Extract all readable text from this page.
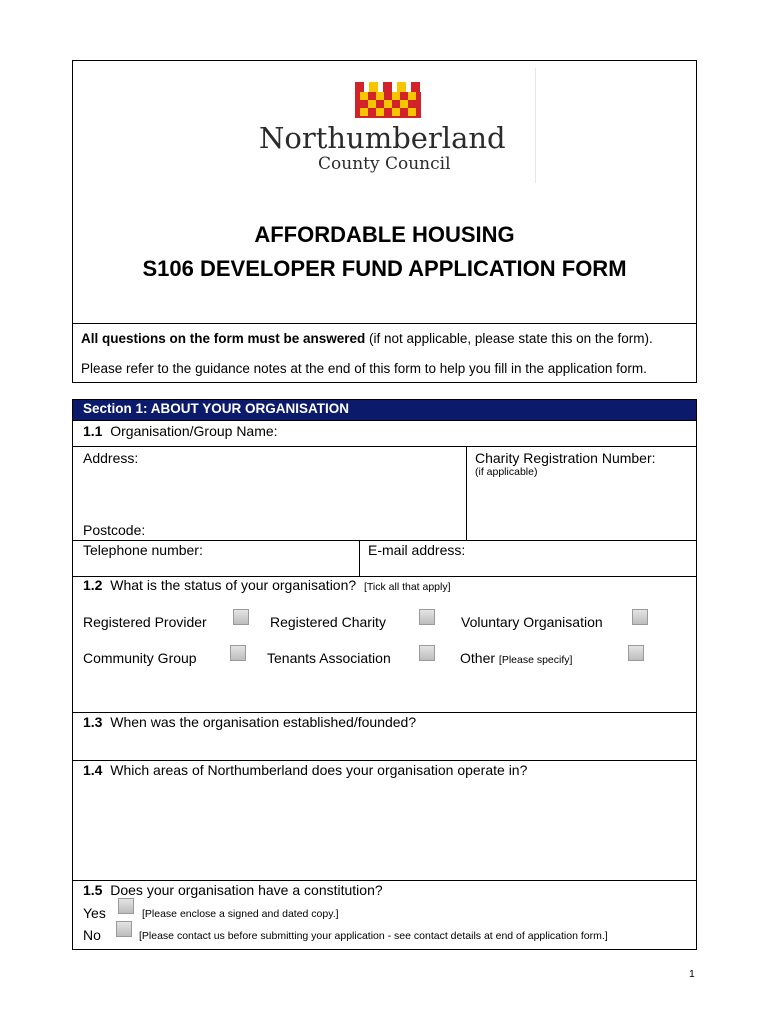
Northumberland
County Council
AFFORDABLE HOUSING
S106 DEVELOPER FUND APPLICATION FORM
All questions on the form must be answered (if not applicable, please state this on the form).
Please refer to the guidance notes at the end of this form to help you fill in the application form.
Section 1: ABOUT YOUR ORGANISATION
1.1 Organisation/Group Name:
Address:	Charity Registration Number:
(if applicable)
Postcode:
Telephone number:	E-mail address:
1.2 What is the status of your organisation? [Tick all that apply]
Registered Provider	Registered Charity	Voluntary Organisation
Community Group	Tenants Association	Other [Please specify]
1.3 When was the organisation established/founded?
1.4 Which areas of Northumberland does your organisation operate in?
1.5 Does your organisation have a constitution?
Yes	[Please enclose a signed and dated copy.]
No	[Please contact us before submitting your application - see contact details at end of application form.]
1
